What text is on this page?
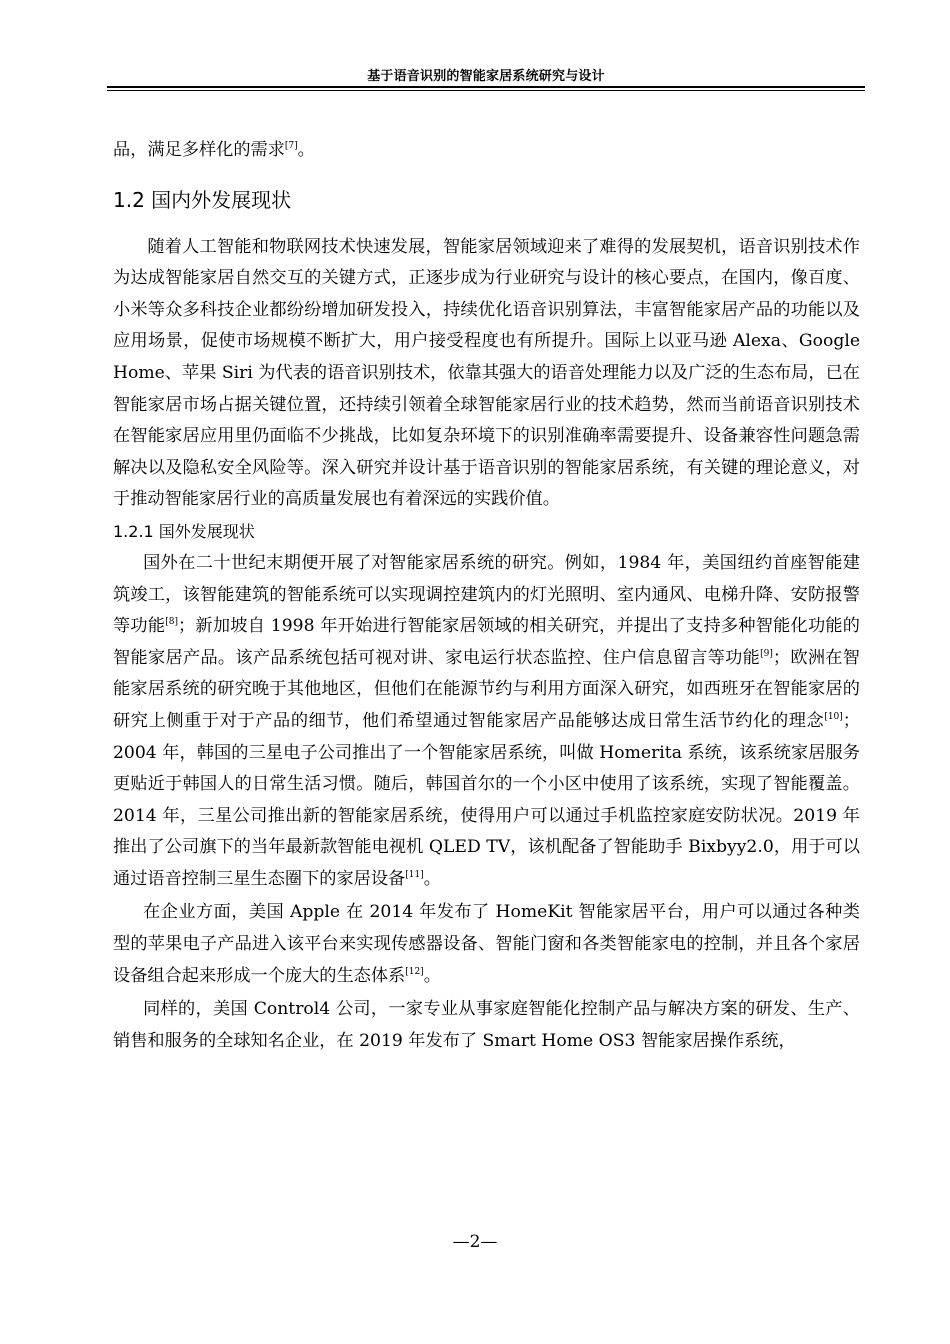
基于语音识别的智能家居系统研究与设计

品，满足多样化的需求[7]。

1.2 国内外发展现状

随着人工智能和物联网技术快速发展，智能家居领域迎来了难得的发展契机，语音识别技术作为达成智能家居自然交互的关键方式，正逐步成为行业研究与设计的核心要点，在国内，像百度、小米等众多科技企业都纷纷增加研发投入，持续优化语音识别算法，丰富智能家居产品的功能以及应用场景，促使市场规模不断扩大，用户接受程度也有所提升。国际上以亚马逊 Alexa、Google Home、苹果 Siri 为代表的语音识别技术，依靠其强大的语音处理能力以及广泛的生态布局，已在智能家居市场占据关键位置，还持续引领着全球智能家居行业的技术趋势，然而当前语音识别技术在智能家居应用里仍面临不少挑战，比如复杂环境下的识别准确率需要提升、设备兼容性问题急需解决以及隐私安全风险等。深入研究并设计基于语音识别的智能家居系统，有关键的理论意义，对于推动智能家居行业的高质量发展也有着深远的实践价值。

1.2.1 国外发展现状

国外在二十世纪末期便开展了对智能家居系统的研究。例如，1984 年，美国纽约首座智能建筑竣工，该智能建筑的智能系统可以实现调控建筑内的灯光照明、室内通风、电梯升降、安防报警等功能[8]；新加坡自 1998 年开始进行智能家居领域的相关研究，并提出了支持多种智能化功能的智能家居产品。该产品系统包括可视对讲、家电运行状态监控、住户信息留言等功能[9]；欧洲在智能家居系统的研究晚于其他地区，但他们在能源节约与利用方面深入研究，如西班牙在智能家居的研究上侧重于对于产品的细节，他们希望通过智能家居产品能够达成日常生活节约化的理念[10]；2004 年，韩国的三星电子公司推出了一个智能家居系统，叫做 Homerita 系统，该系统家居服务更贴近于韩国人的日常生活习惯。随后，韩国首尔的一个小区中使用了该系统，实现了智能覆盖。2014 年，三星公司推出新的智能家居系统，使得用户可以通过手机监控家庭安防状况。2019 年推出了公司旗下的当年最新款智能电视机 QLED TV，该机配备了智能助手 Bixbyy2.0，用于可以通过语音控制三星生态圈下的家居设备[11]。

在企业方面，美国 Apple 在 2014 年发布了 HomeKit 智能家居平台，用户可以通过各种类型的苹果电子产品进入该平台来实现传感器设备、智能门窗和各类智能家电的控制，并且各个家居设备组合起来形成一个庞大的生态体系[12]。

同样的，美国 Control4 公司，一家专业从事家庭智能化控制产品与解决方案的研发、生产、销售和服务的全球知名企业，在 2019 年发布了 Smart Home OS3 智能家居操作系统，

—2—
